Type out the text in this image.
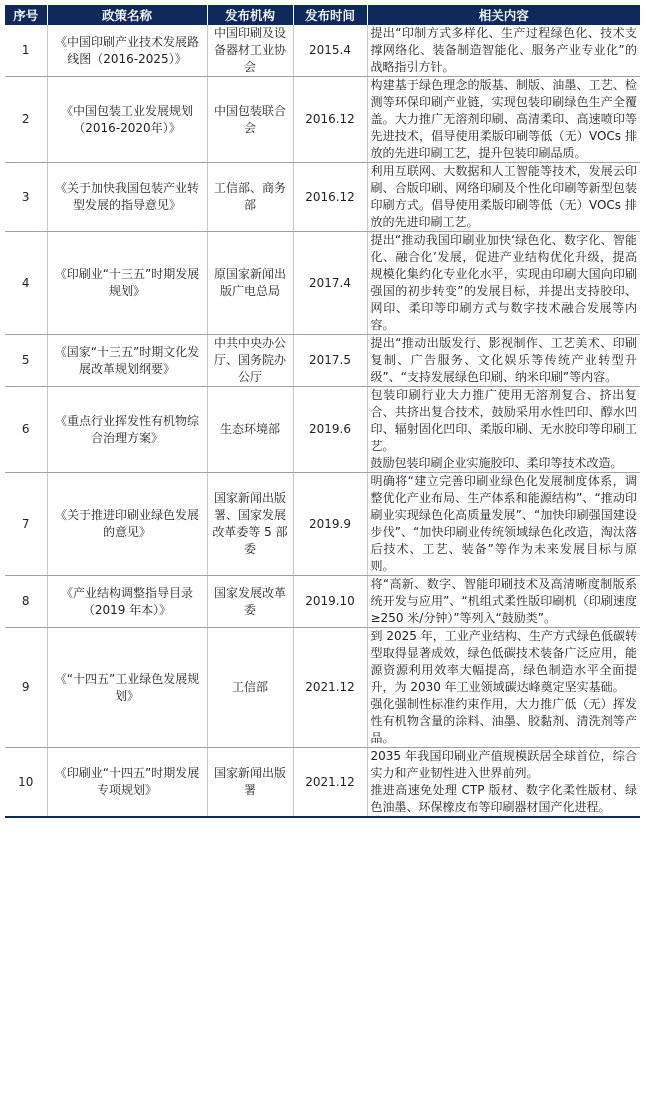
序号	政策名称	发布机构	发布时间	相关内容
1	《中国印刷产业技术发展路线图（2016-2025）》	中国印刷及设备器材工业协会	2015.4	提出“印制方式多样化、生产过程绿色化、技术支撑网络化、装备制造智能化、服务产业专业化”的战略指引方针。

2	《中国包装工业发展规划（2016-2020年）》	中国包装联合会	2016.12	构建基于绿色理念的版基、制版、油墨、工艺、检测等环保印刷产业链，实现包装印刷绿色生产全覆盖。大力推广无溶剂印刷、高清柔印、高速喷印等先进技术，倡导使用柔版印刷等低（无）VOCs 排放的先进印刷工艺，提升包装印刷品质。

3	《关于加快我国包装产业转型发展的指导意见》	工信部、商务部	2016.12	利用互联网、大数据和人工智能等技术，发展云印刷、合版印刷、网络印刷及个性化印刷等新型包装印刷方式。倡导使用柔版印刷等低（无）VOCs 排放的先进印刷工艺。

4	《印刷业“十三五”时期发展规划》	原国家新闻出版广电总局	2017.4	提出“推动我国印刷业加快‘绿色化、数字化、智能化、融合化’发展，促进产业结构优化升级，提高规模化集约化专业化水平，实现由印刷大国向印刷强国的初步转变”的发展目标，并提出支持胶印、网印、柔印等印刷方式与数字技术融合发展等内容。

5	《国家“十三五”时期文化发展改革规划纲要》	中共中央办公厅、国务院办公厅	2017.5	提出“推动出版发行、影视制作、工艺美术、印刷复制、广告服务、文化娱乐等传统产业转型升级”、“支持发展绿色印刷、纳米印刷”等内容。

6	《重点行业挥发性有机物综合治理方案》	生态环境部	2019.6	包装印刷行业大力推广使用无溶剂复合、挤出复合、共挤出复合技术，鼓励采用水性凹印、醇水凹印、辐射固化凹印、柔版印刷、无水胶印等印刷工艺。

鼓励包装印刷企业实施胶印、柔印等技术改造。

7	《关于推进印刷业绿色发展的意见》	国家新闻出版署、国家发展改革委等 5 部委	2019.9	明确将“建立完善印刷业绿色化发展制度体系，调整优化产业布局、生产体系和能源结构”、“推动印刷业实现绿色化高质量发展”、“加快印刷强国建设步伐”、“加快印刷业传统领域绿色化改造，淘汰落后技术、工艺、装备”等作为未来发展目标与原则。

8	《产业结构调整指导目录（2019 年本）》	国家发展改革委	2019.10	将“高新、数字、智能印刷技术及高清晰度制版系统开发与应用”、“机组式柔性版印刷机（印刷速度≥250 米/分钟）”等列入“鼓励类”。

9	《“十四五”工业绿色发展规划》	工信部	2021.12	到 2025 年，工业产业结构、生产方式绿色低碳转型取得显著成效，绿色低碳技术装备广泛应用，能源资源利用效率大幅提高，绿色制造水平全面提升，为 2030 年工业领域碳达峰奠定坚实基础。

强化强制性标准约束作用，大力推广低（无）挥发性有机物含量的涂料、油墨、胶黏剂、清洗剂等产品。

10	《印刷业“十四五”时期发展专项规划》	国家新闻出版署	2021.12	2035 年我国印刷业产值规模跃居全球首位，综合实力和产业韧性进入世界前列。

推进高速免处理 CTP 版材、数字化柔性版材、绿色油墨、环保橡皮布等印刷器材国产化进程。
